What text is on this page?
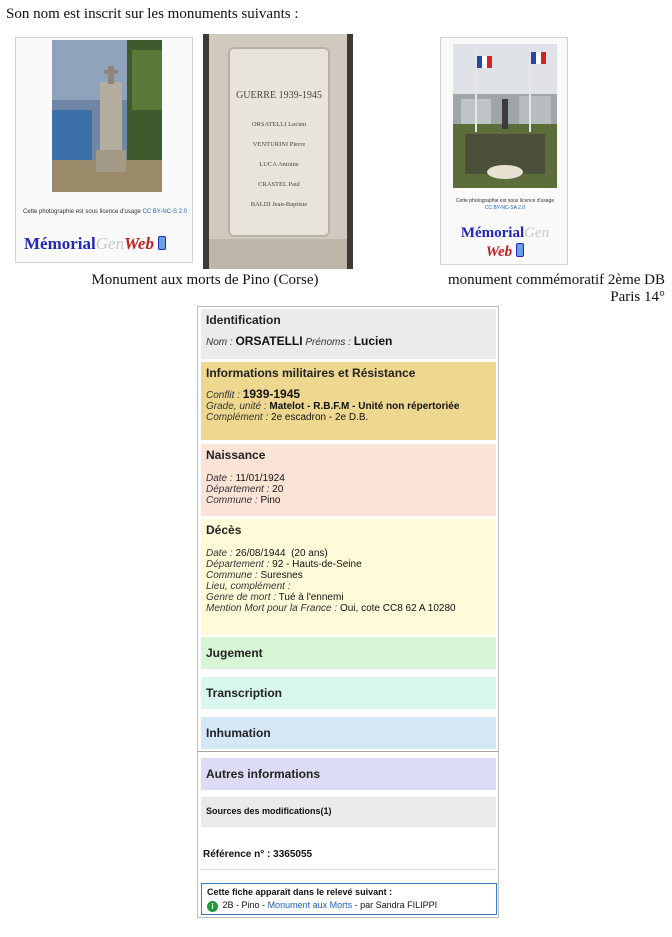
Son nom est inscrit sur les monuments suivants :
Cette photographie est sous licence d'usage CC BY-NC-S 2.0
MémorialGenWeb
GUERRE 1939-1945
ORSATELLI Lucien
VENTURINI Pierre
LUCA Antoine
CRASTEL Paul
BALDI Jean-Baptiste
Monument aux morts de Pino (Corse)
Cette photographie est sous licence d'usage
CC BY-NC-SA 2.0
MémorialGen
Web
monument commémoratif 2ème DB
Paris 14°
Identification
Nom : ORSATELLI Prénoms : Lucien
Informations militaires et Résistance
Conflit : 1939-1945
Grade, unité : Matelot - R.B.F.M - Unité non répertoriée
Complément : 2e escadron - 2e D.B.
Naissance
Date : 11/01/1924
Département : 20
Commune : Pino
Décès
Date : 26/08/1944  (20 ans)
Département : 92 - Hauts-de-Seine
Commune : Suresnes
Lieu, complément :
Genre de mort : Tué à l'ennemi
Mention Mort pour la France : Oui, cote CC8 62 A 10280
Jugement
Transcription
Inhumation
Autres informations
Sources des modifications(1)
Référence n° : 3365055
Cette fiche apparaît dans le relevé suivant :
i 2B - Pino - Monument aux Morts - par Sandra FILIPPI
